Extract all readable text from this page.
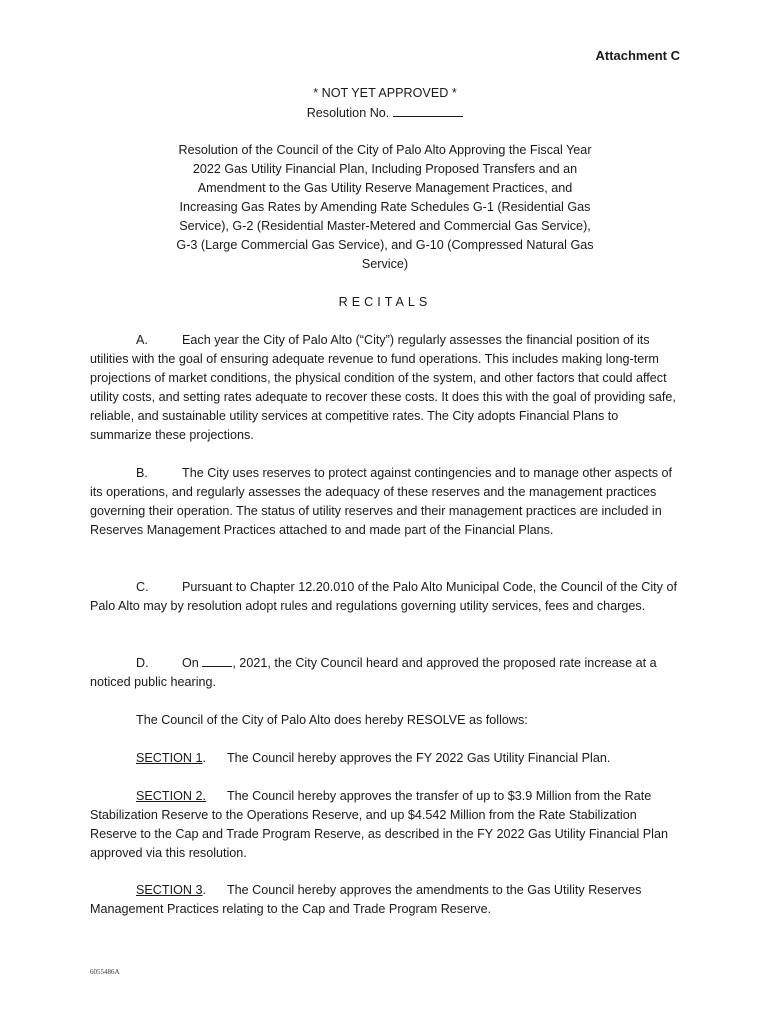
Attachment C
* NOT YET APPROVED *
Resolution No.
Resolution of the Council of the City of Palo Alto Approving the Fiscal Year 2022 Gas Utility Financial Plan, Including Proposed Transfers and an Amendment to the Gas Utility Reserve Management Practices, and Increasing Gas Rates by Amending Rate Schedules G-1 (Residential Gas Service), G-2 (Residential Master-Metered and Commercial Gas Service), G-3 (Large Commercial Gas Service), and G-10 (Compressed Natural Gas Service)
RECITALS
A.	Each year the City of Palo Alto (“City”) regularly assesses the financial position of its utilities with the goal of ensuring adequate revenue to fund operations. This includes making long-term projections of market conditions, the physical condition of the system, and other factors that could affect utility costs, and setting rates adequate to recover these costs. It does this with the goal of providing safe, reliable, and sustainable utility services at competitive rates. The City adopts Financial Plans to summarize these projections.
B.	The City uses reserves to protect against contingencies and to manage other aspects of its operations, and regularly assesses the adequacy of these reserves and the management practices governing their operation. The status of utility reserves and their management practices are included in Reserves Management Practices attached to and made part of the Financial Plans.
C.	Pursuant to Chapter 12.20.010 of the Palo Alto Municipal Code, the Council of the City of Palo Alto may by resolution adopt rules and regulations governing utility services, fees and charges.
D.	On , 2021, the City Council heard and approved the proposed rate increase at a noticed public hearing.
The Council of the City of Palo Alto does hereby RESOLVE as follows:
SECTION 1. The Council hereby approves the FY 2022 Gas Utility Financial Plan.
SECTION 2. The Council hereby approves the transfer of up to $3.9 Million from the Rate Stabilization Reserve to the Operations Reserve, and up $4.542 Million from the Rate Stabilization Reserve to the Cap and Trade Program Reserve, as described in the FY 2022 Gas Utility Financial Plan approved via this resolution.
SECTION 3. The Council hereby approves the amendments to the Gas Utility Reserves Management Practices relating to the Cap and Trade Program Reserve.
6055486A
